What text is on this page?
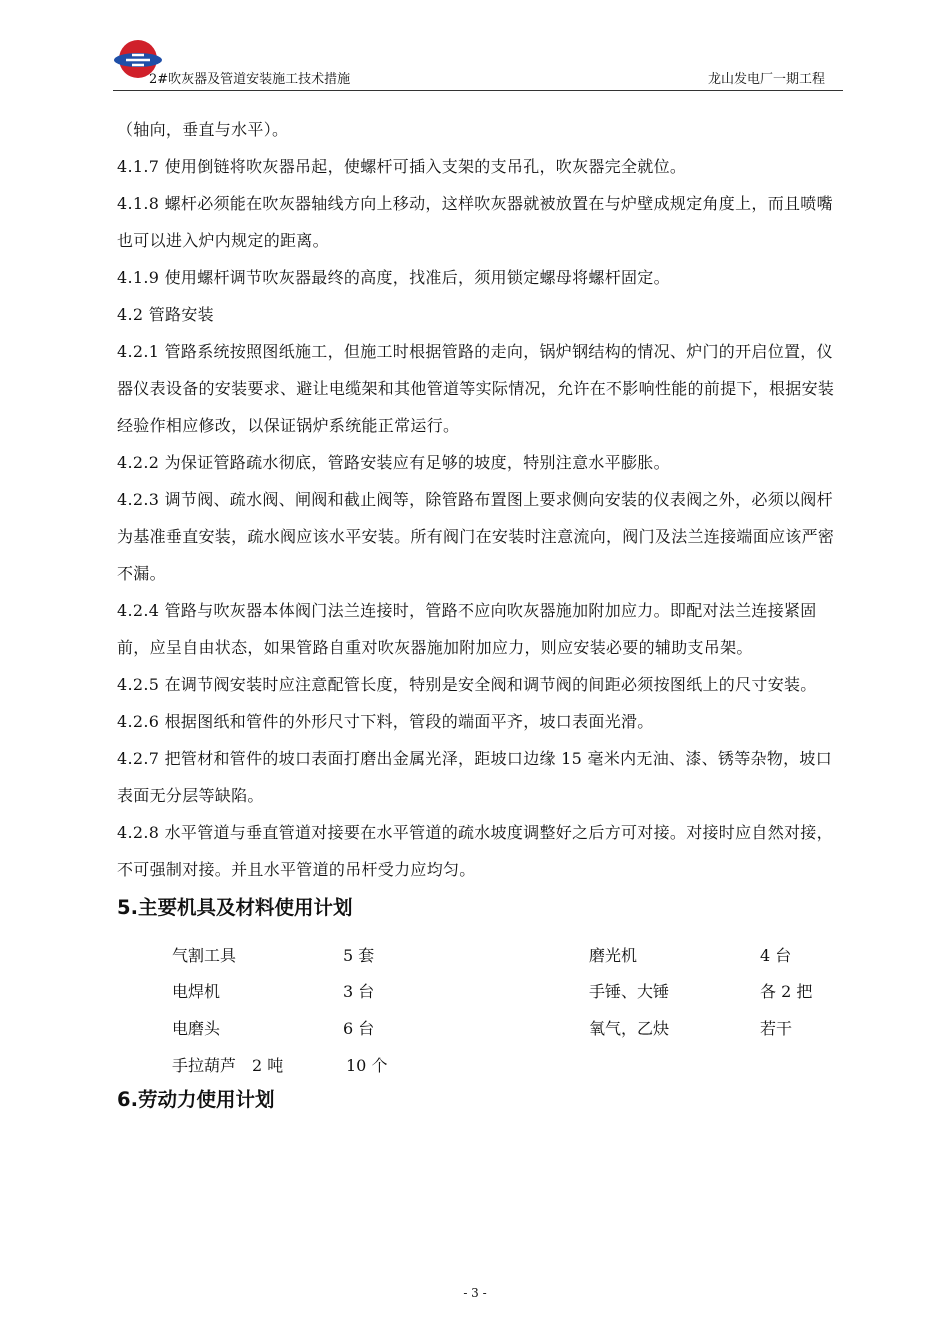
2#吹灰器及管道安装施工技术措施	龙山发电厂一期工程

（轴向，垂直与水平）。

4.1.7 使用倒链将吹灰器吊起，使螺杆可插入支架的支吊孔，吹灰器完全就位。

4.1.8 螺杆必须能在吹灰器轴线方向上移动，这样吹灰器就被放置在与炉壁成规定角度上，而且喷嘴也可以进入炉内规定的距离。

4.1.9 使用螺杆调节吹灰器最终的高度，找准后，须用锁定螺母将螺杆固定。

4.2 管路安装

4.2.1 管路系统按照图纸施工，但施工时根据管路的走向，锅炉钢结构的情况、炉门的开启位置，仪器仪表设备的安装要求、避让电缆架和其他管道等实际情况，允许在不影响性能的前提下，根据安装经验作相应修改，以保证锅炉系统能正常运行。

4.2.2 为保证管路疏水彻底，管路安装应有足够的坡度，特别注意水平膨胀。

4.2.3 调节阀、疏水阀、闸阀和截止阀等，除管路布置图上要求侧向安装的仪表阀之外，必须以阀杆为基准垂直安装，疏水阀应该水平安装。所有阀门在安装时注意流向，阀门及法兰连接端面应该严密不漏。

4.2.4 管路与吹灰器本体阀门法兰连接时，管路不应向吹灰器施加附加应力。即配对法兰连接紧固前，应呈自由状态，如果管路自重对吹灰器施加附加应力，则应安装必要的辅助支吊架。

4.2.5 在调节阀安装时应注意配管长度，特别是安全阀和调节阀的间距必须按图纸上的尺寸安装。

4.2.6 根据图纸和管件的外形尺寸下料，管段的端面平齐，坡口表面光滑。

4.2.7 把管材和管件的坡口表面打磨出金属光泽，距坡口边缘 15 毫米内无油、漆、锈等杂物，坡口表面无分层等缺陷。

4.2.8 水平管道与垂直管道对接要在水平管道的疏水坡度调整好之后方可对接。对接时应自然对接，不可强制对接。并且水平管道的吊杆受力应均匀。

5.主要机具及材料使用计划
气割工具	5 套	磨光机	4 台
电焊机	3 台	手锤、大锤	各 2 把
电磨头	6 台	氧气，乙炔	若干
手拉葫芦　2 吨	10 个
6.劳动力使用计划
- 3 -
